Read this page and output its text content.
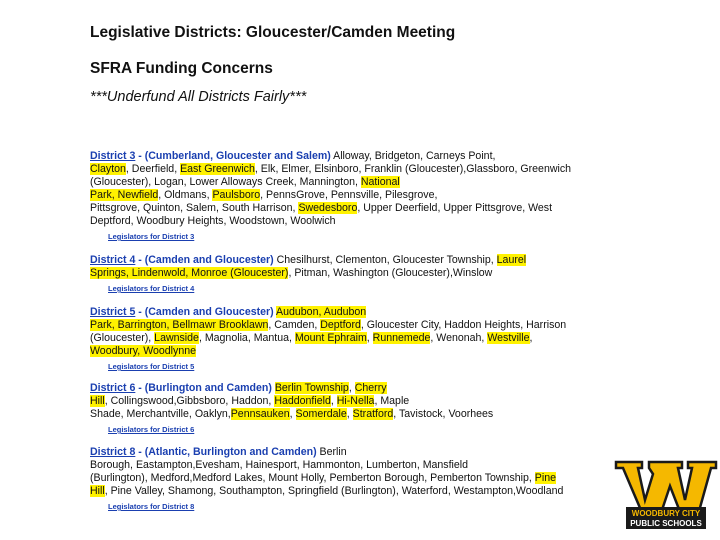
Legislative Districts: Gloucester/Camden Meeting
SFRA Funding Concerns
***Underfund All Districts Fairly***
District 3 - (Cumberland, Gloucester and Salem) Alloway, Bridgeton, Carneys Point,
Clayton, Deerfield, East Greenwich, Elk, Elmer, Elsinboro, Franklin (Gloucester),Glassboro, Greenwich
(Gloucester), Logan, Lower Alloways Creek, Mannington, National
Park, Newfield, Oldmans, Paulsboro, PennsGrove, Pennsville, Pilesgrove,
Pittsgrove, Quinton, Salem, South Harrison, Swedesboro, Upper Deerfield, Upper Pittsgrove, West
Deptford, Woodbury Heights, Woodstown, Woolwich
Legislators for District 3
District 4 - (Camden and Gloucester) Chesilhurst, Clementon, Gloucester Township, Laurel
Springs, Lindenwold, Monroe (Gloucester), Pitman, Washington (Gloucester),Winslow
Legislators for District 4
District 5 - (Camden and Gloucester) Audubon, Audubon
Park, Barrington, Bellmawr Brooklawn, Camden, Deptford, Gloucester City, Haddon Heights, Harrison
(Gloucester), Lawnside, Magnolia, Mantua, Mount Ephraim, Runnemede, Wenonah, Westville,
Woodbury, Woodlynne
Legislators for District 5
District 6 - (Burlington and Camden) Berlin Township, Cherry
Hill, Collingswood,Gibbsboro, Haddon, Haddonfield, Hi-Nella, Maple
Shade, Merchantville, Oaklyn,Pennsauken, Somerdale, Stratford, Tavistock, Voorhees
Legislators for District 6
District 8 - (Atlantic, Burlington and Camden) Berlin
Borough, Eastampton,Evesham, Hainesport, Hammonton, Lumberton, Mansfield
(Burlington), Medford,Medford Lakes, Mount Holly, Pemberton Borough, Pemberton Township, Pine
Hill, Pine Valley, Shamong, Southampton, Springfield (Burlington), Waterford, Westampton,Woodland
Legislators for District 8
WOODBURY CITY
PUBLIC SCHOOLS
